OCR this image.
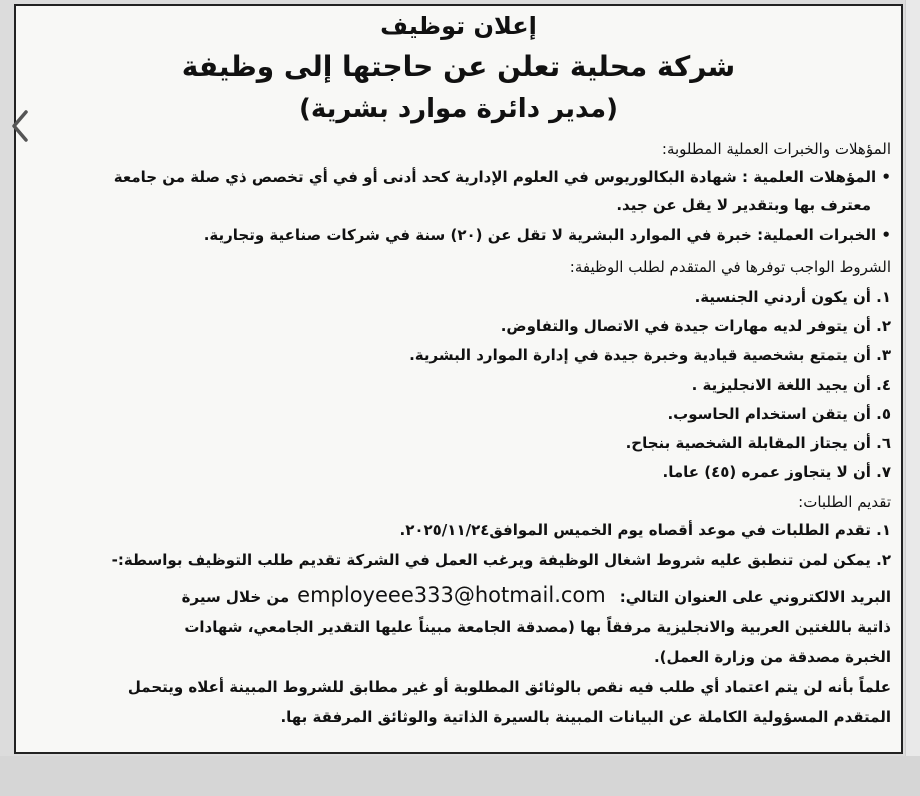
إعلان توظيف
شركة محلية تعلن عن حاجتها إلى وظيفة
(مدير دائرة موارد بشرية)
المؤهلات والخبرات العملية المطلوبة:
• المؤهلات العلمية : شهادة البكالوريوس في العلوم الإدارية كحد أدنى أو في أي تخصص ذي صلة من جامعة
معترف بها وبتقدير لا يقل عن جيد.
• الخبرات العملية: خبرة في الموارد البشرية لا تقل عن (٢٠) سنة في شركات صناعية وتجارية.
الشروط الواجب توفرها في المتقدم لطلب الوظيفة:
١. أن يكون أردني الجنسية.
٢. أن يتوفر لديه مهارات جيدة في الاتصال والتفاوض.
٣. أن يتمتع بشخصية قيادية وخبرة جيدة في إدارة الموارد البشرية.
٤. أن يجيد اللغة الانجليزية .
٥. أن يتقن استخدام الحاسوب.
٦. أن يجتاز المقابلة الشخصية بنجاح.
٧. أن لا يتجاوز عمره (٤٥) عاما.
تقديم الطلبات:
١. تقدم الطلبات في موعد أقصاه يوم الخميس الموافق٢٠٢٥/١١/٢٤.
٢. يمكن لمن تنطبق عليه شروط اشغال الوظيفة ويرغب العمل في الشركة تقديم طلب التوظيف بواسطة:-
البريد الالكتروني على العنوان التالي:employeee333@hotmail.comمن خلال سيرة
ذاتية باللغتين العربية والانجليزية مرفقاً بها (مصدقة الجامعة مبيناً عليها التقدير الجامعي، شهادات
الخبرة مصدقة من وزارة العمل).
علماً بأنه لن يتم اعتماد أي طلب فيه نقص بالوثائق المطلوبة أو غير مطابق للشروط المبينة أعلاه ويتحمل
المتقدم المسؤولية الكاملة عن البيانات المبينة بالسيرة الذاتية والوثائق المرفقة بها.
